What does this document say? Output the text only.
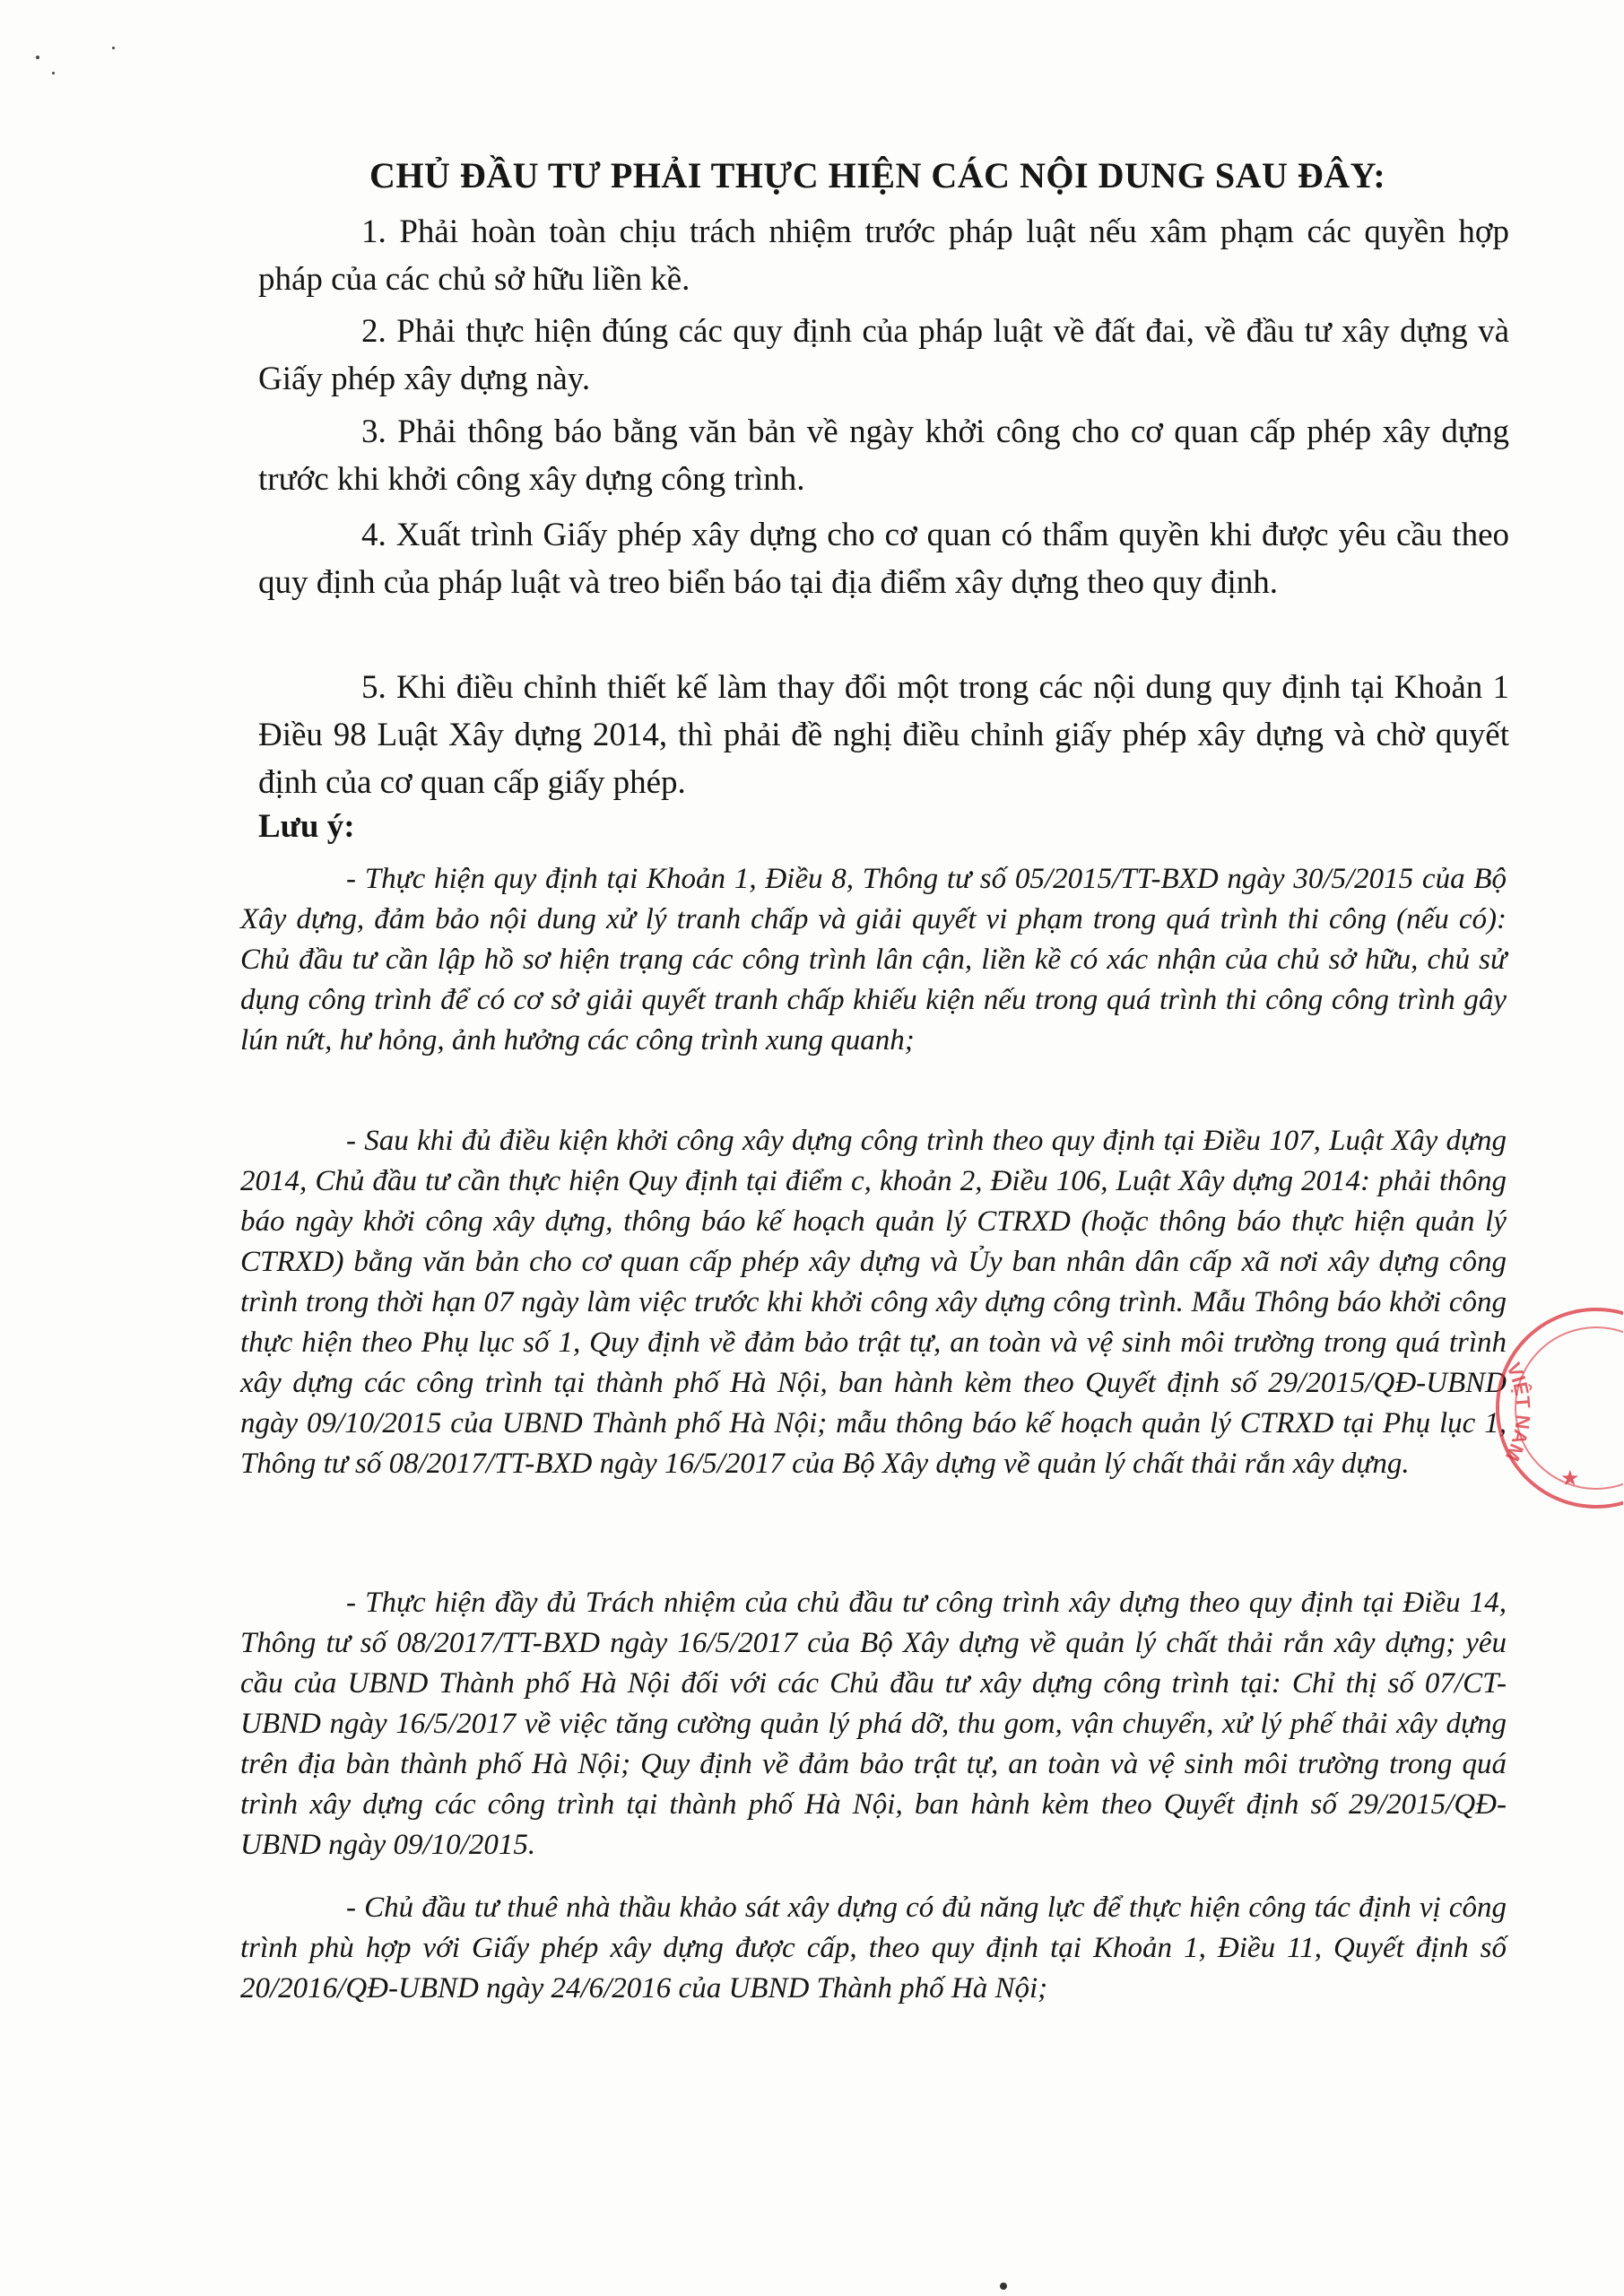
CHỦ ĐẦU TƯ PHẢI THỰC HIỆN CÁC NỘI DUNG SAU ĐÂY:
1. Phải hoàn toàn chịu trách nhiệm trước pháp luật nếu xâm phạm các quyền hợp pháp của các chủ sở hữu liền kề.
2. Phải thực hiện đúng các quy định của pháp luật về đất đai, về đầu tư xây dựng và Giấy phép xây dựng này.
3. Phải thông báo bằng văn bản về ngày khởi công cho cơ quan cấp phép xây dựng trước khi khởi công xây dựng công trình.
4. Xuất trình Giấy phép xây dựng cho cơ quan có thẩm quyền khi được yêu cầu theo quy định của pháp luật và treo biển báo tại địa điểm xây dựng theo quy định.
5. Khi điều chỉnh thiết kế làm thay đổi một trong các nội dung quy định tại Khoản 1 Điều 98 Luật Xây dựng 2014, thì phải đề nghị điều chỉnh giấy phép xây dựng và chờ quyết định của cơ quan cấp giấy phép.
Lưu ý:
- Thực hiện quy định tại Khoản 1, Điều 8, Thông tư số 05/2015/TT-BXD ngày 30/5/2015 của Bộ Xây dựng, đảm bảo nội dung xử lý tranh chấp và giải quyết vi phạm trong quá trình thi công (nếu có): Chủ đầu tư cần lập hồ sơ hiện trạng các công trình lân cận, liền kề có xác nhận của chủ sở hữu, chủ sử dụng công trình để có cơ sở giải quyết tranh chấp khiếu kiện nếu trong quá trình thi công công trình gây lún nứt, hư hỏng, ảnh hưởng các công trình xung quanh;
- Sau khi đủ điều kiện khởi công xây dựng công trình theo quy định tại Điều 107, Luật Xây dựng 2014, Chủ đầu tư cần thực hiện Quy định tại điểm c, khoản 2, Điều 106, Luật Xây dựng 2014: phải thông báo ngày khởi công xây dựng, thông báo kế hoạch quản lý CTRXD (hoặc thông báo thực hiện quản lý CTRXD) bằng văn bản cho cơ quan cấp phép xây dựng và Ủy ban nhân dân cấp xã nơi xây dựng công trình trong thời hạn 07 ngày làm việc trước khi khởi công xây dựng công trình. Mẫu Thông báo khởi công thực hiện theo Phụ lục số 1, Quy định về đảm bảo trật tự, an toàn và vệ sinh môi trường trong quá trình xây dựng các công trình tại thành phố Hà Nội, ban hành kèm theo Quyết định số 29/2015/QĐ-UBND ngày 09/10/2015 của UBND Thành phố Hà Nội; mẫu thông báo kế hoạch quản lý CTRXD tại Phụ lục 1, Thông tư số 08/2017/TT-BXD ngày 16/5/2017 của Bộ Xây dựng về quản lý chất thải rắn xây dựng.
- Thực hiện đầy đủ Trách nhiệm của chủ đầu tư công trình xây dựng theo quy định tại Điều 14, Thông tư số 08/2017/TT-BXD ngày 16/5/2017 của Bộ Xây dựng về quản lý chất thải rắn xây dựng; yêu cầu của UBND Thành phố Hà Nội đối với các Chủ đầu tư xây dựng công trình tại: Chỉ thị số 07/CT-UBND ngày 16/5/2017 về việc tăng cường quản lý phá dỡ, thu gom, vận chuyển, xử lý phế thải xây dựng trên địa bàn thành phố Hà Nội; Quy định về đảm bảo trật tự, an toàn và vệ sinh môi trường trong quá trình xây dựng các công trình tại thành phố Hà Nội, ban hành kèm theo Quyết định số 29/2015/QĐ-UBND ngày 09/10/2015.
- Chủ đầu tư thuê nhà thầu khảo sát xây dựng có đủ năng lực để thực hiện công tác định vị công trình phù hợp với Giấy phép xây dựng được cấp, theo quy định tại Khoản 1, Điều 11, Quyết định số 20/2016/QĐ-UBND ngày 24/6/2016 của UBND Thành phố Hà Nội;
★
VIỆT NAM
